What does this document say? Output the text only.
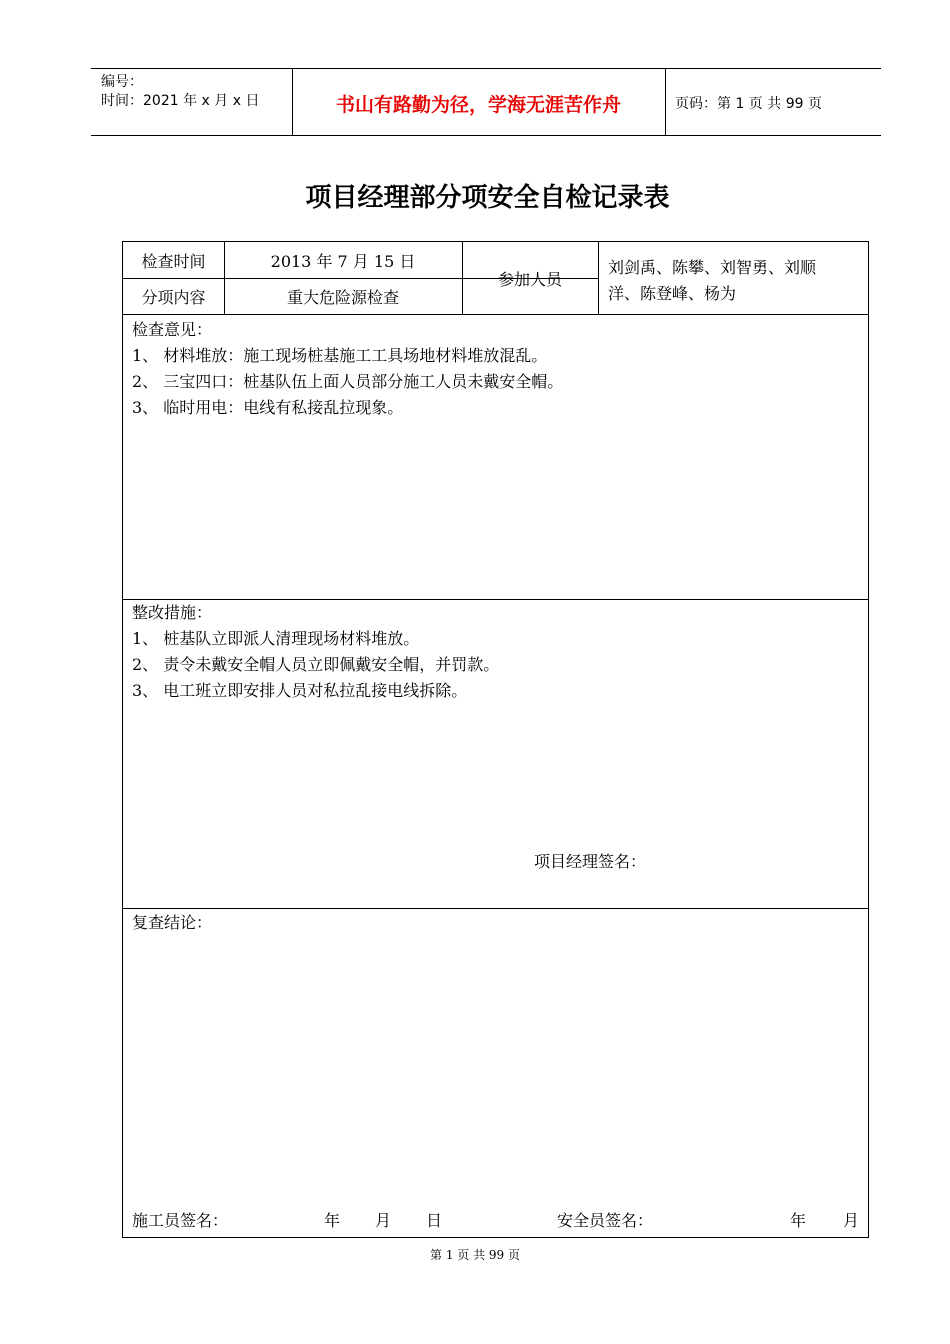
编号：
时间：2021 年 x 月 x 日	书山有路勤为径，学海无涯苦作舟	页码：第 1 页 共 99 页
项目经理部分项安全自检记录表
检查时间	2013 年 7 月 15 日
分项内容	重大危险源检查
参加人员
刘剑禹、陈攀、刘智勇、刘顺
洋、陈登峰、杨为
检查意见：
1、 材料堆放：施工现场桩基施工工具场地材料堆放混乱。
2、 三宝四口：桩基队伍上面人员部分施工人员未戴安全帽。
3、 临时用电：电线有私接乱拉现象。
整改措施：
1、 桩基队立即派人清理现场材料堆放。
2、 责令未戴安全帽人员立即佩戴安全帽，并罚款。
3、 电工班立即安排人员对私拉乱接电线拆除。
项目经理签名：
复查结论：
施工员签名：	年 月 日	安全员签名：	年 月
第 1 页 共 99 页
